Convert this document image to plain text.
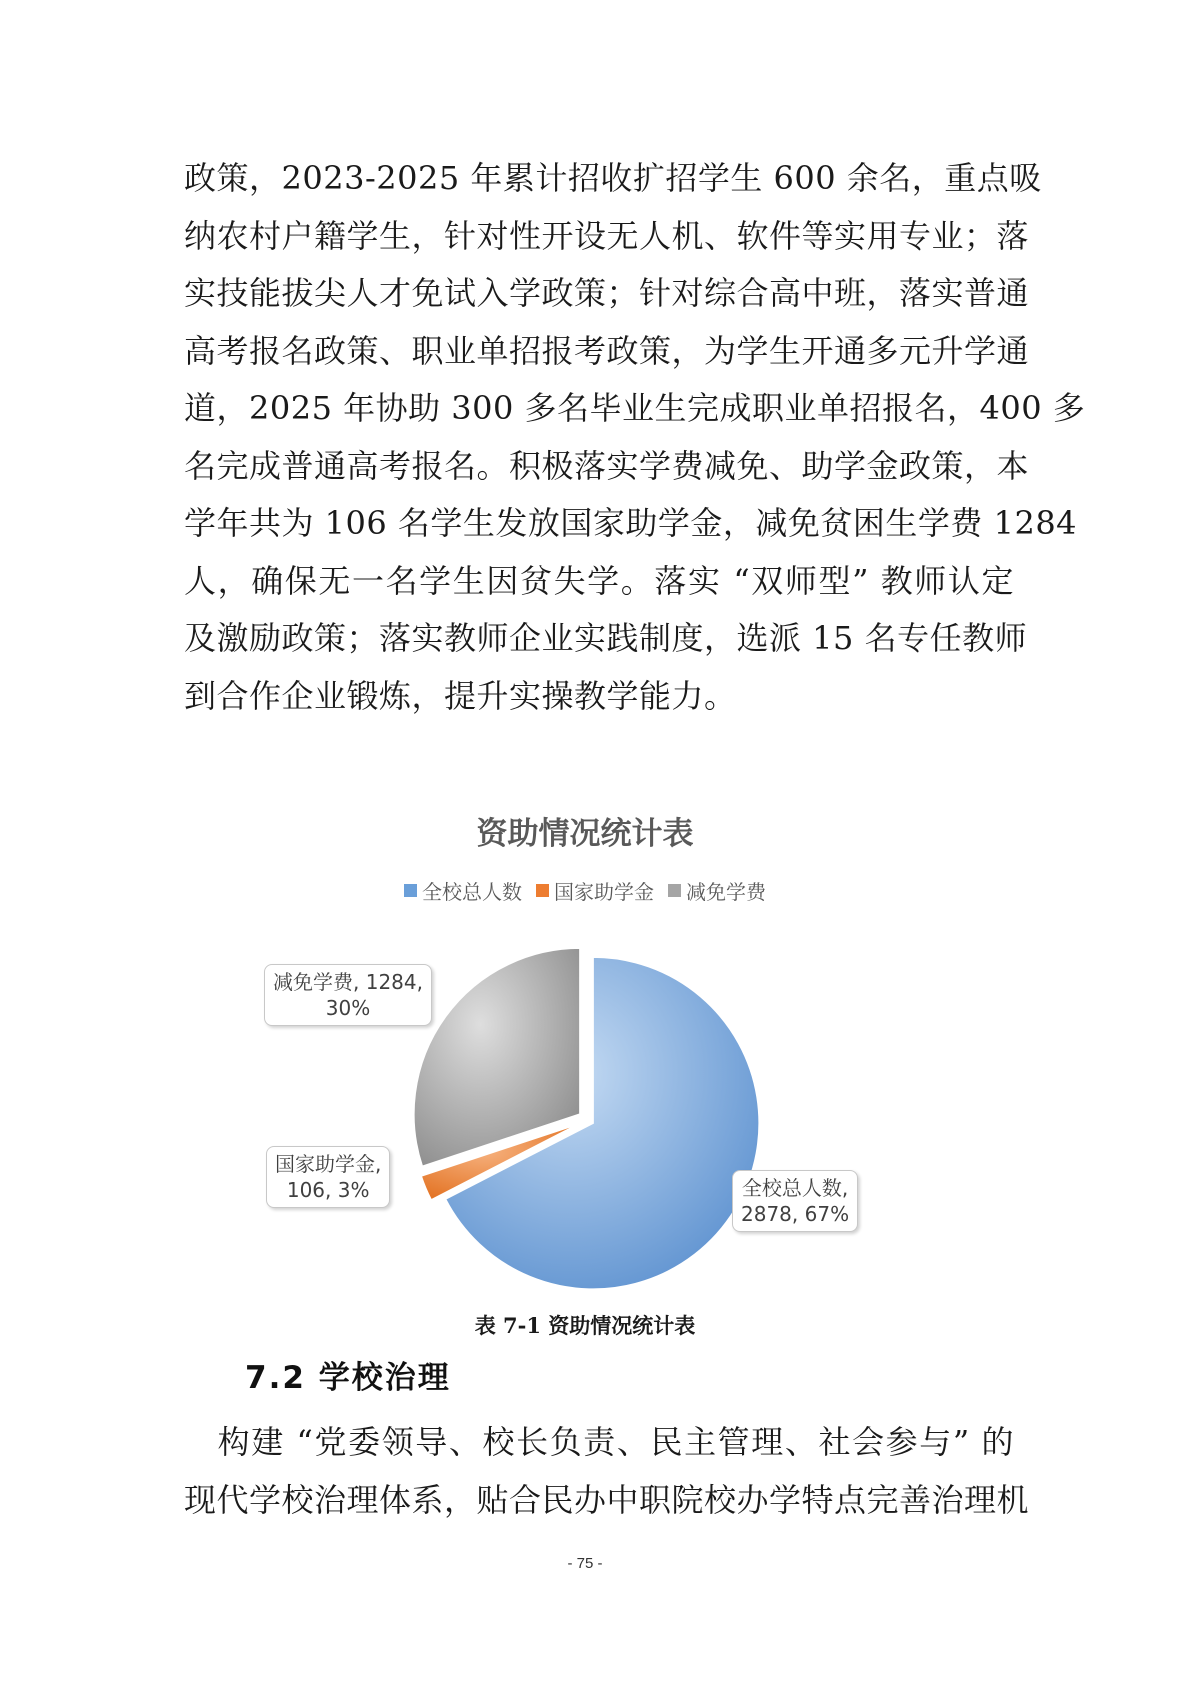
政策，2023-2025 年累计招收扩招学生 600 余名，重点吸
纳农村户籍学生，针对性开设无人机、软件等实用专业；落
实技能拔尖人才免试入学政策；针对综合高中班，落实普通
高考报名政策、职业单招报考政策，为学生开通多元升学通
道，2025 年协助 300 多名毕业生完成职业单招报名，400 多
名完成普通高考报名。积极落实学费减免、助学金政策，本
学年共为 106 名学生发放国家助学金，减免贫困生学费 1284
人，确保无一名学生因贫失学。落实 “双师型” 教师认定
及激励政策；落实教师企业实践制度，选派 15 名专任教师
到合作企业锻炼，提升实操教学能力。
资助情况统计表
全校总人数 国家助学金 减免学费
减免学费, 1284,
30%
国家助学金,
106, 3%	全校总人数,
2878, 67%
表 7-1 资助情况统计表
7.2 学校治理
　构建 “党委领导、校长负责、民主管理、社会参与” 的
现代学校治理体系，贴合民办中职院校办学特点完善治理机
- 75 -
